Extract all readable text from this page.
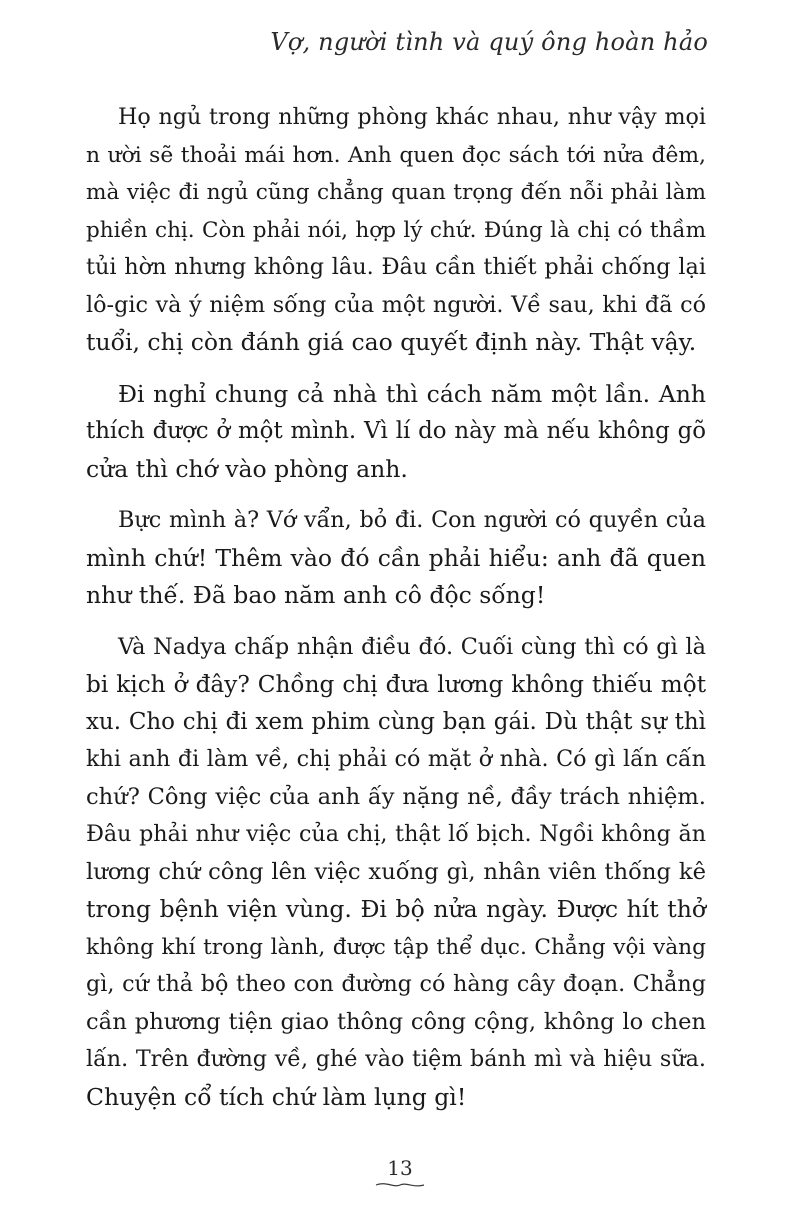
Vợ, người tình và quý ông hoàn hảo

Họ ngủ trong những phòng khác nhau, như vậy mọi
n ười sẽ thoải mái hơn. Anh quen đọc sách tới nửa đêm,
mà việc đi ngủ cũng chẳng quan trọng đến nỗi phải làm
phiền chị. Còn phải nói, hợp lý chứ. Đúng là chị có thầm
tủi hờn nhưng không lâu. Đâu cần thiết phải chống lại
lô-gic và ý niệm sống của một người. Về sau, khi đã có
tuổi, chị còn đánh giá cao quyết định này. Thật vậy.

Đi nghỉ chung cả nhà thì cách năm một lần. Anh
thích được ở một mình. Vì lí do này mà nếu không gõ
cửa thì chớ vào phòng anh.

Bực mình à? Vớ vẩn, bỏ đi. Con người có quyền của
mình chứ! Thêm vào đó cần phải hiểu: anh đã quen
như thế. Đã bao năm anh cô độc sống!

Và Nadya chấp nhận điều đó. Cuối cùng thì có gì là
bi kịch ở đây? Chồng chị đưa lương không thiếu một
xu. Cho chị đi xem phim cùng bạn gái. Dù thật sự thì
khi anh đi làm về, chị phải có mặt ở nhà. Có gì lấn cấn
chứ? Công việc của anh ấy nặng nề, đầy trách nhiệm.
Đâu phải như việc của chị, thật lố bịch. Ngồi không ăn
lương chứ công lên việc xuống gì, nhân viên thống kê
trong bệnh viện vùng. Đi bộ nửa ngày. Được hít thở
không khí trong lành, được tập thể dục. Chẳng vội vàng
gì, cứ thả bộ theo con đường có hàng cây đoạn. Chẳng
cần phương tiện giao thông công cộng, không lo chen
lấn. Trên đường về, ghé vào tiệm bánh mì và hiệu sữa.
Chuyện cổ tích chứ làm lụng gì!

13
